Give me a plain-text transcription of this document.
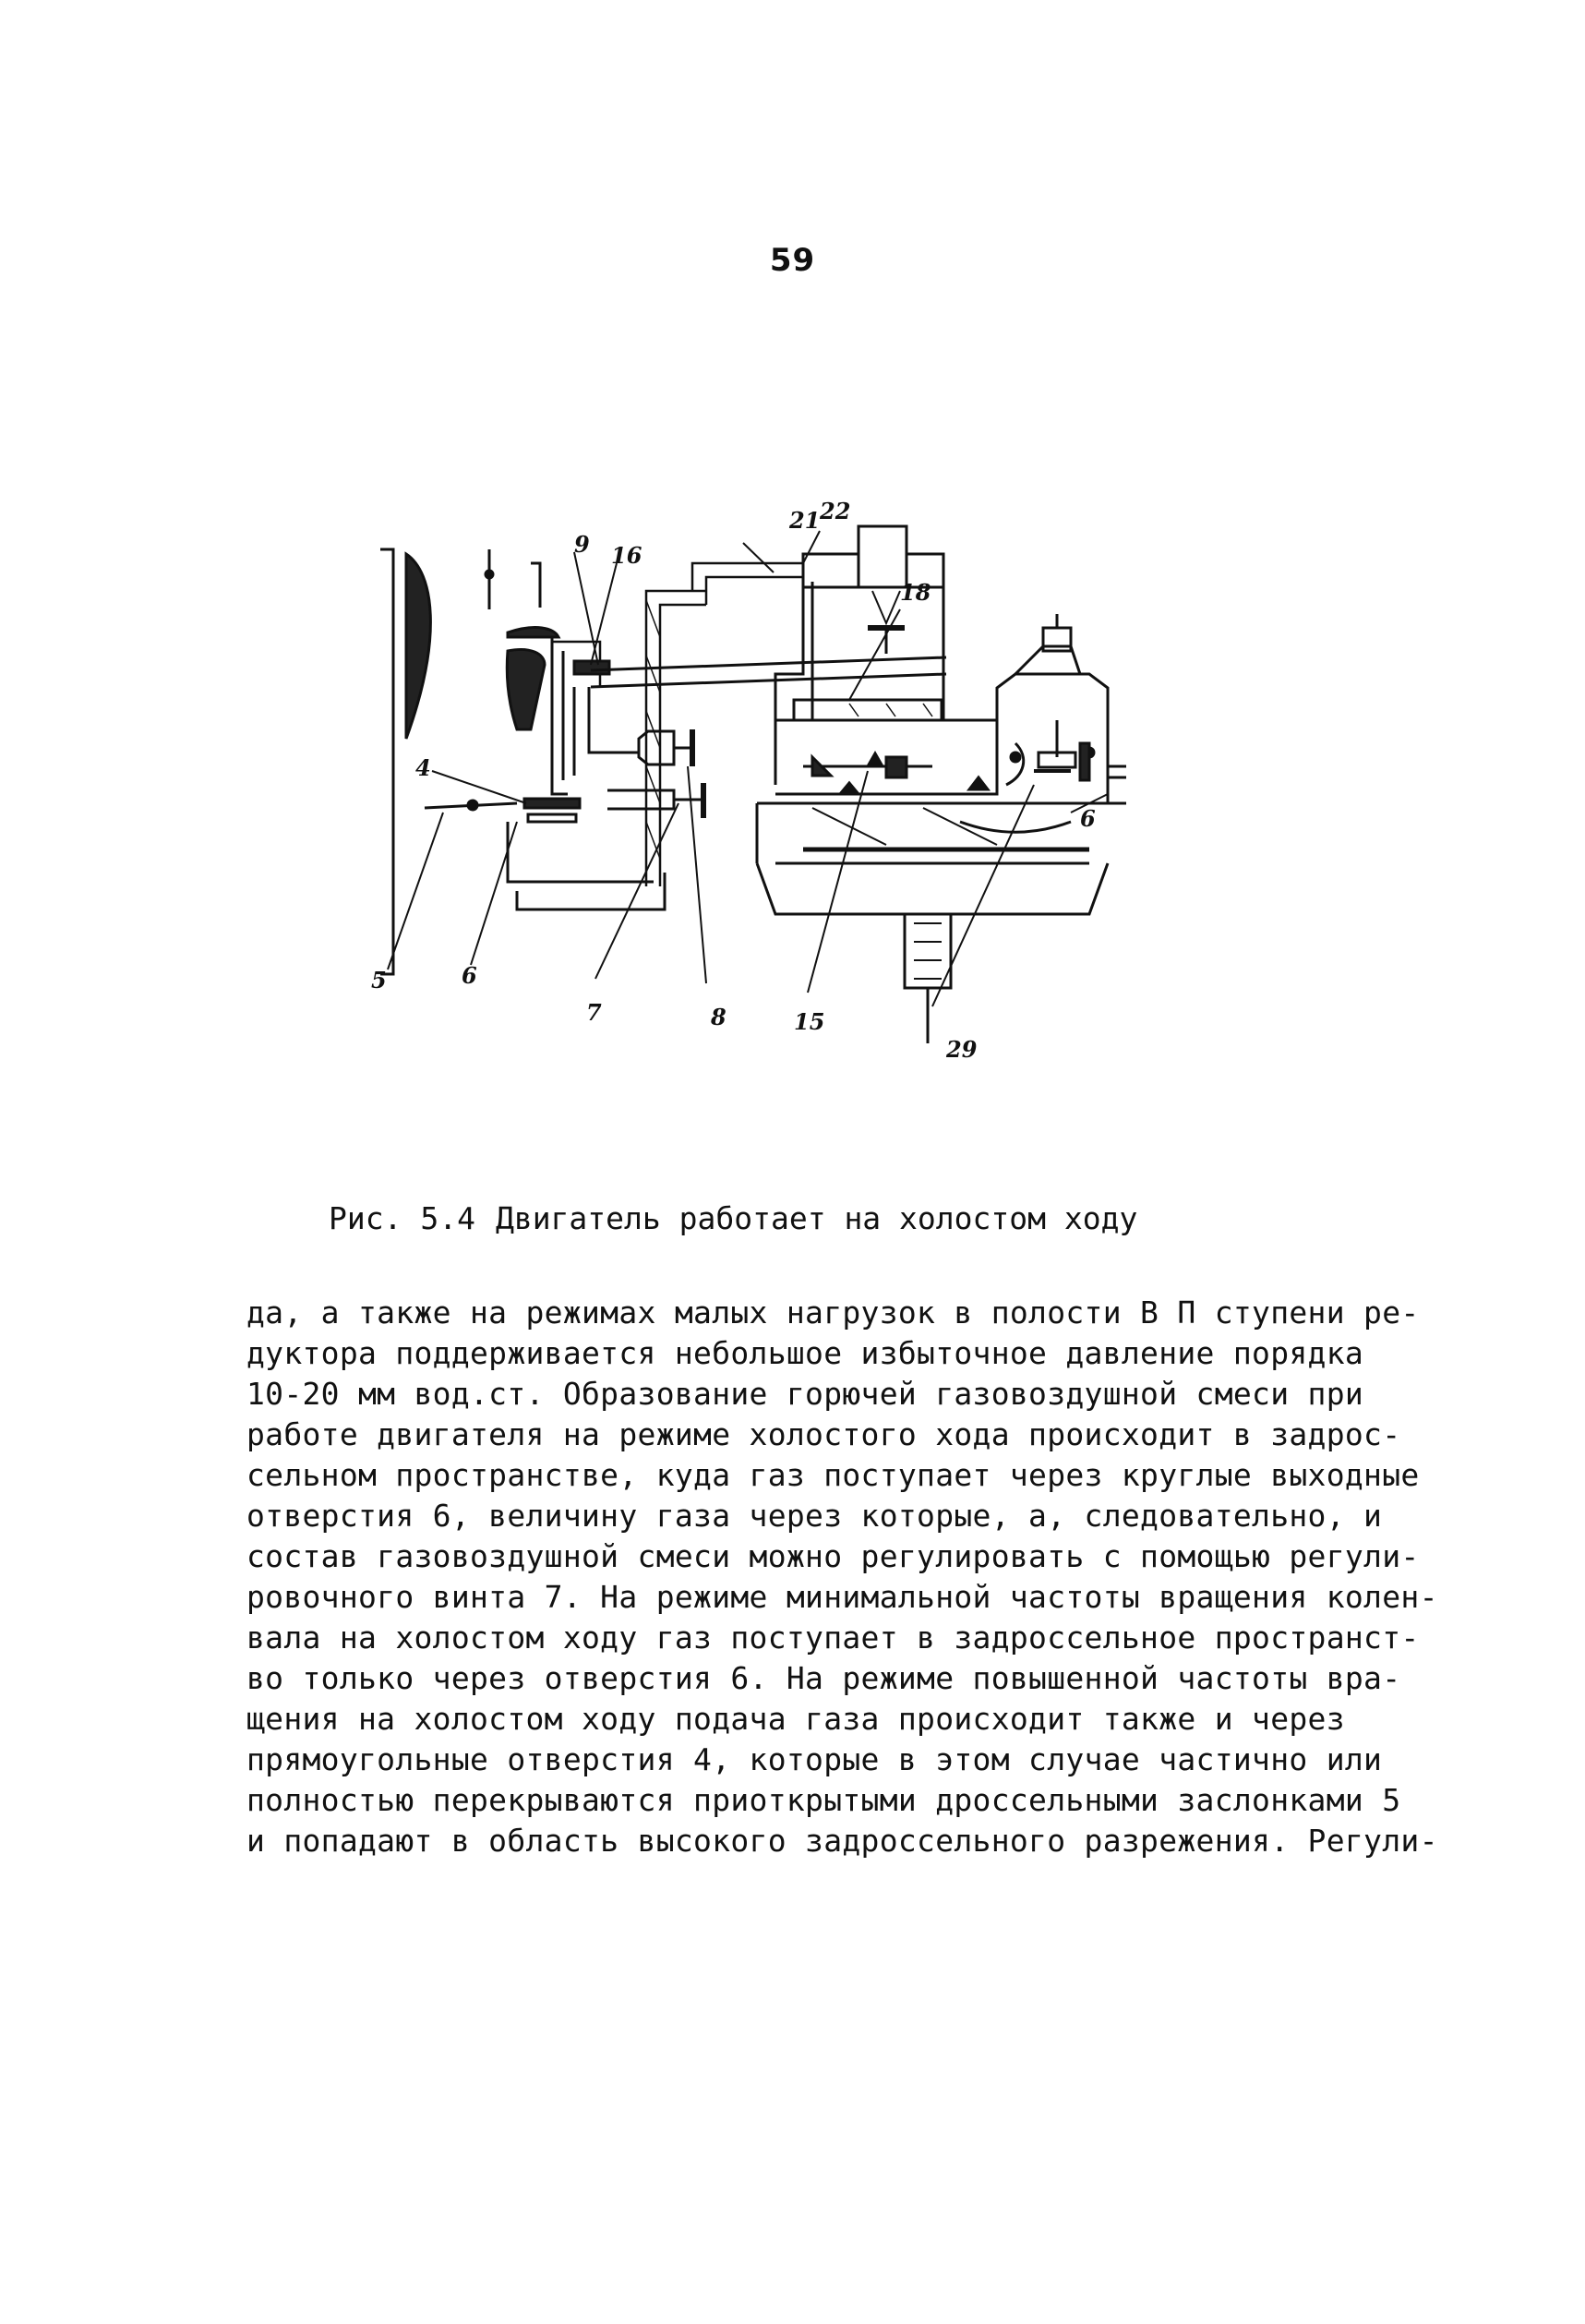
59
21 22
9 16
18
4
6
5	6
7	8	15
29
Рис. 5.4 Двигатель работает на холостом ходу
да, а также на режимах малых нагрузок в полости В П ступени ре-
дуктора поддерживается небольшое избыточное давление порядка
10-20 мм вод.ст. Образование горючей газовоздушной смеси при
работе двигателя на режиме холостого хода происходит в задрос-
сельном пространстве, куда газ поступает через круглые выходные
отверстия 6, величину газа через которые, а, следовательно, и
состав газовоздушной смеси можно регулировать с помощью регули-
ровочного винта 7. На режиме минимальной частоты вращения колен-
вала на холостом ходу газ поступает в задроссельное пространст-
во только через отверстия 6. На режиме повышенной частоты вра-
щения на холостом ходу подача газа происходит также и через
прямоугольные отверстия 4, которые в этом случае частично или
полностью перекрываются приоткрытыми дроссельными заслонками 5
и попадают в область высокого задроссельного разрежения. Регули-
